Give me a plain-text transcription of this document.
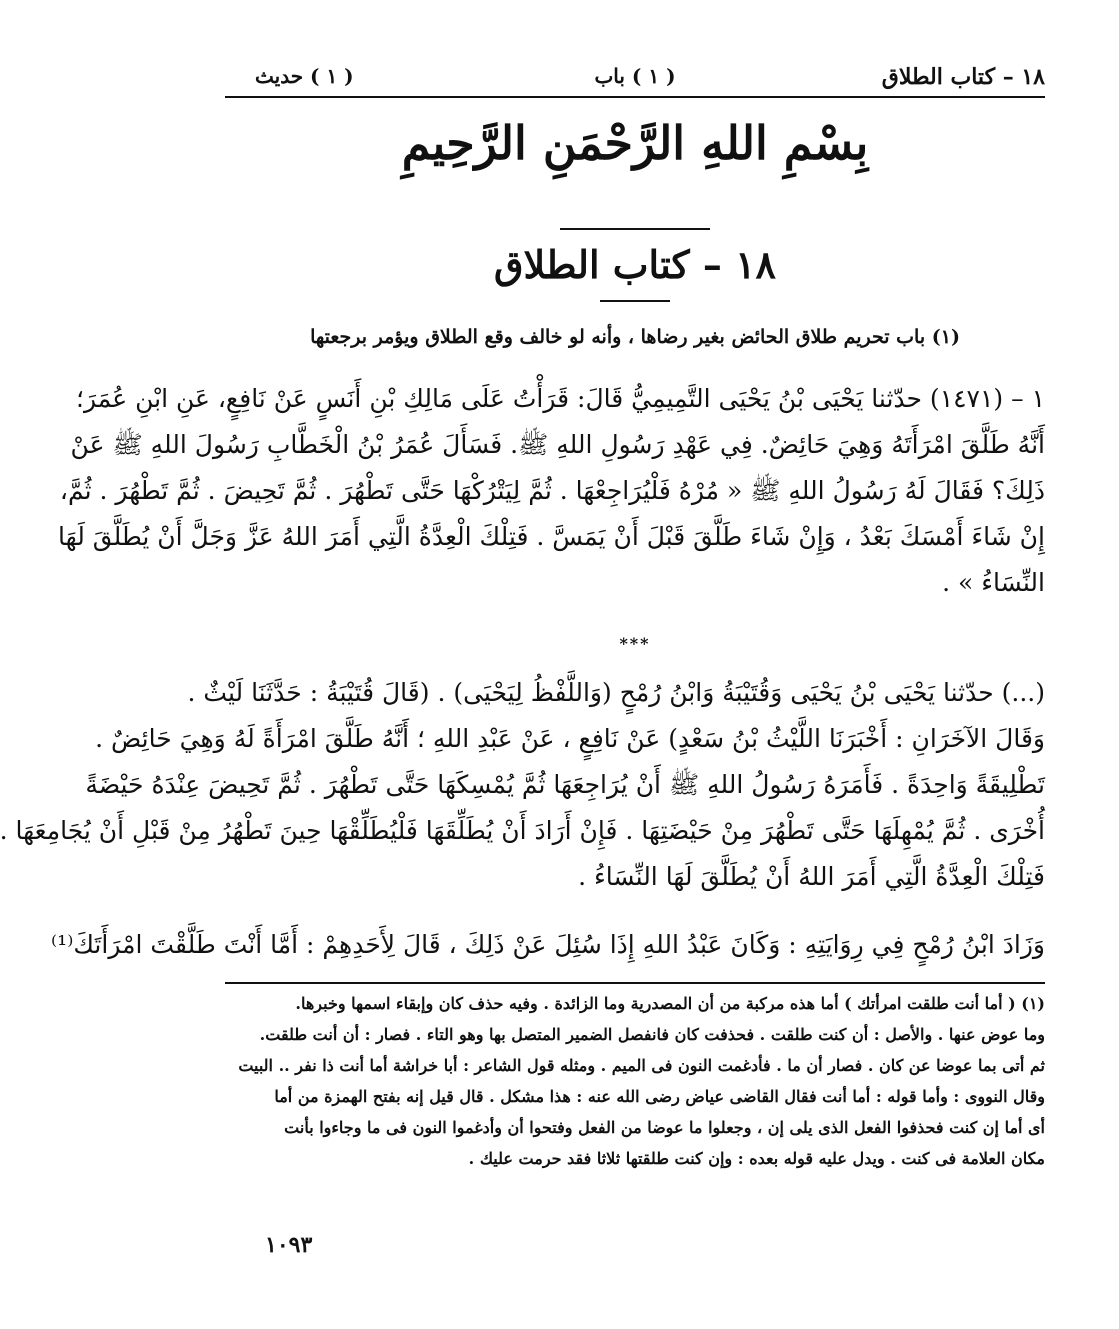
١٨ – كتاب الطلاق
( ١ ) باب
( ١ ) حديث
بِسْمِ اللهِ الرَّحْمَنِ الرَّحِيمِ
١٨ – كتاب الطلاق
(١) باب تحريم طلاق الحائض بغير رضاها ، وأنه لو خالف وقع الطلاق ويؤمر برجعتها
١ – (١٤٧١) حدّثنا يَحْيَى بْنُ يَحْيَى التَّمِيمِيُّ قَالَ: قَرَأْتُ عَلَى مَالِكِ بْنِ أَنَسٍ عَنْ نَافِعٍ، عَنِ ابْنِ عُمَرَ؛
أَنَّهُ طَلَّقَ امْرَأَتَهُ وَهِيَ حَائِضٌ. فِي عَهْدِ رَسُولِ اللهِ ﷺ. فَسَأَلَ عُمَرُ بْنُ الْخَطَّابِ رَسُولَ اللهِ ﷺ عَنْ
ذَلِكَ؟ فَقَالَ لَهُ رَسُولُ اللهِ ﷺ « مُرْهُ فَلْيُرَاجِعْهَا . ثُمَّ لِيَتْرُكْهَا حَتَّى تَطْهُرَ . ثُمَّ تَحِيضَ . ثُمَّ تَطْهُرَ . ثُمَّ،
إِنْ شَاءَ أَمْسَكَ بَعْدُ ، وَإِنْ شَاءَ طَلَّقَ قَبْلَ أَنْ يَمَسَّ . فَتِلْكَ الْعِدَّةُ الَّتِي أَمَرَ اللهُ عَزَّ وَجَلَّ أَنْ يُطَلَّقَ لَهَا
النِّسَاءُ » .
***
(...) حدّثنا يَحْيَى بْنُ يَحْيَى وَقُتَيْبَةُ وَابْنُ رُمْحٍ (وَاللَّفْظُ لِيَحْيَى) . (قَالَ قُتَيْبَةُ : حَدَّثَنَا لَيْثٌ .
وَقَالَ الآخَرَانِ : أَخْبَرَنَا اللَّيْثُ بْنُ سَعْدٍ) عَنْ نَافِعٍ ، عَنْ عَبْدِ اللهِ ؛ أَنَّهُ طَلَّقَ امْرَأَةً لَهُ وَهِيَ حَائِضٌ .
تَطْلِيقَةً وَاحِدَةً . فَأَمَرَهُ رَسُولُ اللهِ ﷺ أَنْ يُرَاجِعَهَا ثُمَّ يُمْسِكَهَا حَتَّى تَطْهُرَ . ثُمَّ تَحِيضَ عِنْدَهُ حَيْضَةً
أُخْرَى . ثُمَّ يُمْهِلَهَا حَتَّى تَطْهُرَ مِنْ حَيْضَتِهَا . فَإِنْ أَرَادَ أَنْ يُطَلِّقَهَا فَلْيُطَلِّقْهَا حِينَ تَطْهُرُ مِنْ قَبْلِ أَنْ يُجَامِعَهَا .
فَتِلْكَ الْعِدَّةُ الَّتِي أَمَرَ اللهُ أَنْ يُطَلَّقَ لَهَا النِّسَاءُ .
وَزَادَ ابْنُ رُمْحٍ فِي رِوَايَتِهِ : وَكَانَ عَبْدُ اللهِ إِذَا سُئِلَ عَنْ ذَلِكَ ، قَالَ لِأَحَدِهِمْ : أَمَّا أَنْتَ طَلَّقْتَ امْرَأَتَكَ⁽¹⁾
(١) ( أما أنت طلقت امرأتك ) أما هذه مركبة من أن المصدرية وما الزائدة . وفيه حذف كان وإبقاء اسمها وخبرها.
وما عوض عنها . والأصل : أن كنت طلقت . فحذفت كان فانفصل الضمير المتصل بها وهو التاء . فصار : أن أنت طلقت.
ثم أتى بما عوضا عن كان . فصار أن ما . فأدغمت النون فى الميم . ومثله قول الشاعر : أبا خراشة أما أنت ذا نفر .. البيت
وقال النووى : وأما قوله : أما أنت فقال القاضى عياض رضى الله عنه : هذا مشكل . قال قيل إنه بفتح الهمزة من أما
أى أما إن كنت فحذفوا الفعل الذى يلى إن ، وجعلوا ما عوضا من الفعل وفتحوا أن وأدغموا النون فى ما وجاءوا بأنت
مكان العلامة فى كنت . ويدل عليه قوله بعده : وإن كنت طلقتها ثلاثا فقد حرمت عليك .
١٠٩٣
